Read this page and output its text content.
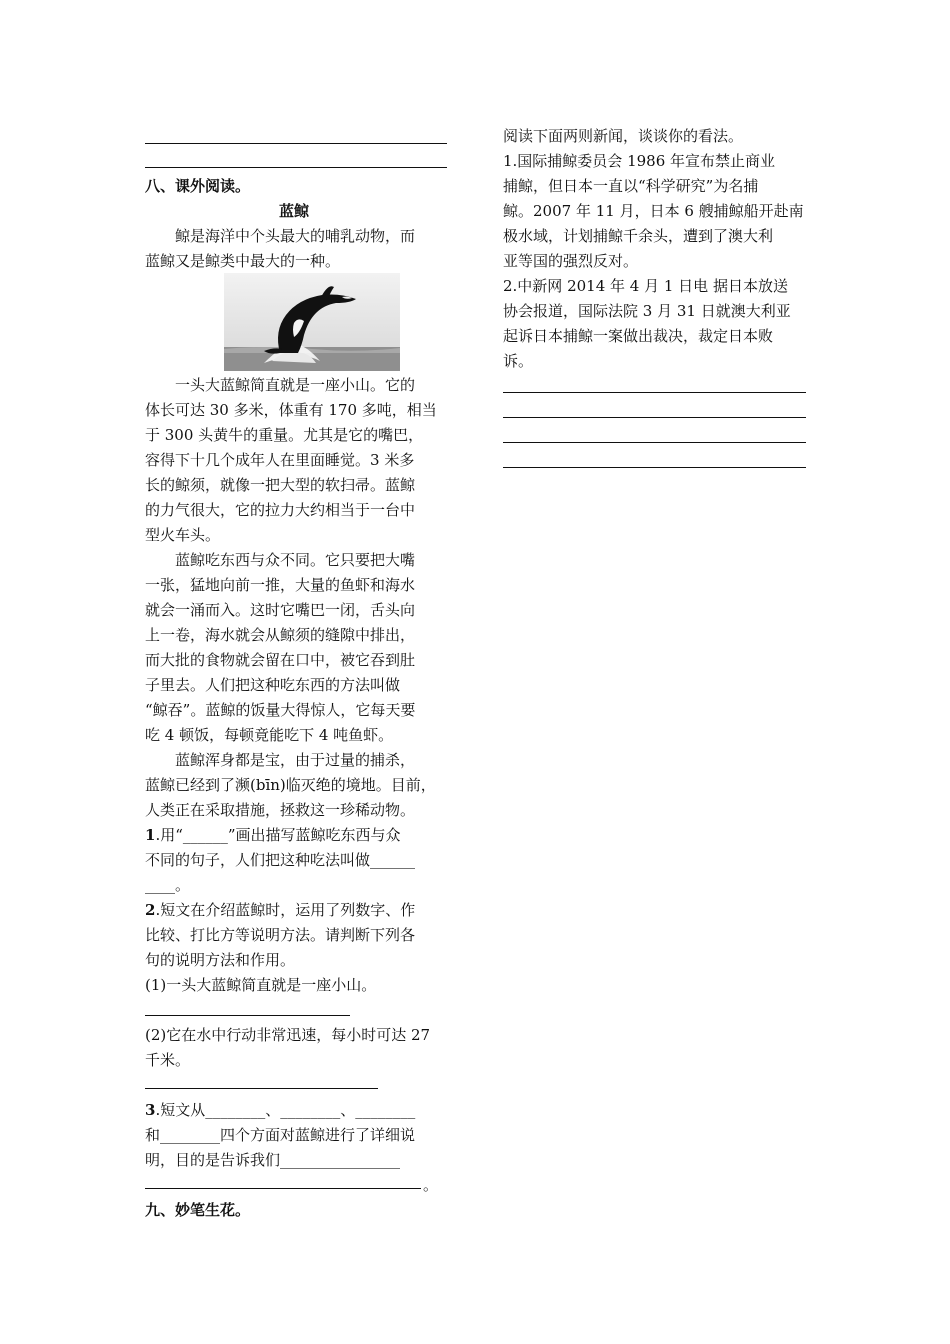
八、课外阅读。
蓝鲸
鲸是海洋中个头最大的哺乳动物，而
蓝鲸又是鲸类中最大的一种。
一头大蓝鲸简直就是一座小山。它的
体长可达 30 多米，体重有 170 多吨，相当
于 300 头黄牛的重量。尤其是它的嘴巴，
容得下十几个成年人在里面睡觉。3 米多
长的鲸须，就像一把大型的软扫帚。蓝鲸
的力气很大，它的拉力大约相当于一台中
型火车头。
蓝鲸吃东西与众不同。它只要把大嘴
一张，猛地向前一推，大量的鱼虾和海水
就会一涌而入。这时它嘴巴一闭，舌头向
上一卷，海水就会从鲸须的缝隙中排出，
而大批的食物就会留在口中，被它吞到肚
子里去。人们把这种吃东西的方法叫做
“鲸吞”。蓝鲸的饭量大得惊人，它每天要
吃 4 顿饭，每顿竟能吃下 4 吨鱼虾。
蓝鲸浑身都是宝，由于过量的捕杀，
蓝鲸已经到了濒(bīn)临灭绝的境地。目前，
人类正在采取措施，拯救这一珍稀动物。
1.用“______”画出描写蓝鲸吃东西与众
不同的句子，人们把这种吃法叫做______
____。
2.短文在介绍蓝鲸时，运用了列数字、作
比较、打比方等说明方法。请判断下列各
句的说明方法和作用。
(1)一头大蓝鲸简直就是一座小山。
(2)它在水中行动非常迅速，每小时可达 27
千米。
3.短文从________、________、________
和________四个方面对蓝鲸进行了详细说
明，目的是告诉我们________________
。
九、妙笔生花。
阅读下面两则新闻，谈谈你的看法。
1.国际捕鲸委员会 1986 年宣布禁止商业
捕鲸，但日本一直以“科学研究”为名捕
鲸。2007 年 11 月，日本 6 艘捕鲸船开赴南
极水域，计划捕鲸千余头，遭到了澳大利
亚等国的强烈反对。
2.中新网 2014 年 4 月 1 日电 据日本放送
协会报道，国际法院 3 月 31 日就澳大利亚
起诉日本捕鲸一案做出裁决，裁定日本败
诉。
